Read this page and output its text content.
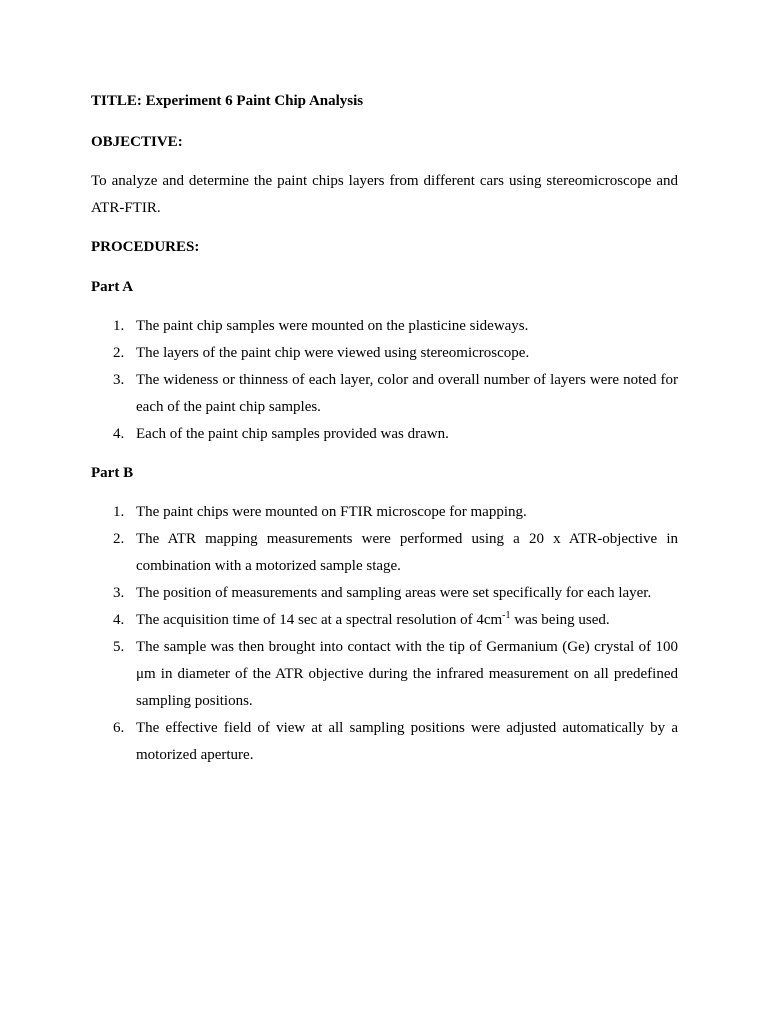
TITLE: Experiment 6 Paint Chip Analysis

OBJECTIVE:

To analyze and determine the paint chips layers from different cars using stereomicroscope and ATR-FTIR.

PROCEDURES:

Part A

1. The paint chip samples were mounted on the plasticine sideways.
2. The layers of the paint chip were viewed using stereomicroscope.
3. The wideness or thinness of each layer, color and overall number of layers were noted for each of the paint chip samples.
4. Each of the paint chip samples provided was drawn.

Part B

1. The paint chips were mounted on FTIR microscope for mapping.
2. The ATR mapping measurements were performed using a 20 x ATR-objective in combination with a motorized sample stage.
3. The position of measurements and sampling areas were set specifically for each layer.
4. The acquisition time of 14 sec at a spectral resolution of $4cm^{-1}$ was being used.
5. The sample was then brought into contact with the tip of Germanium (Ge) crystal of 100 μm in diameter of the ATR objective during the infrared measurement on all predefined sampling positions.
6. The effective field of view at all sampling positions were adjusted automatically by a motorized aperture.
